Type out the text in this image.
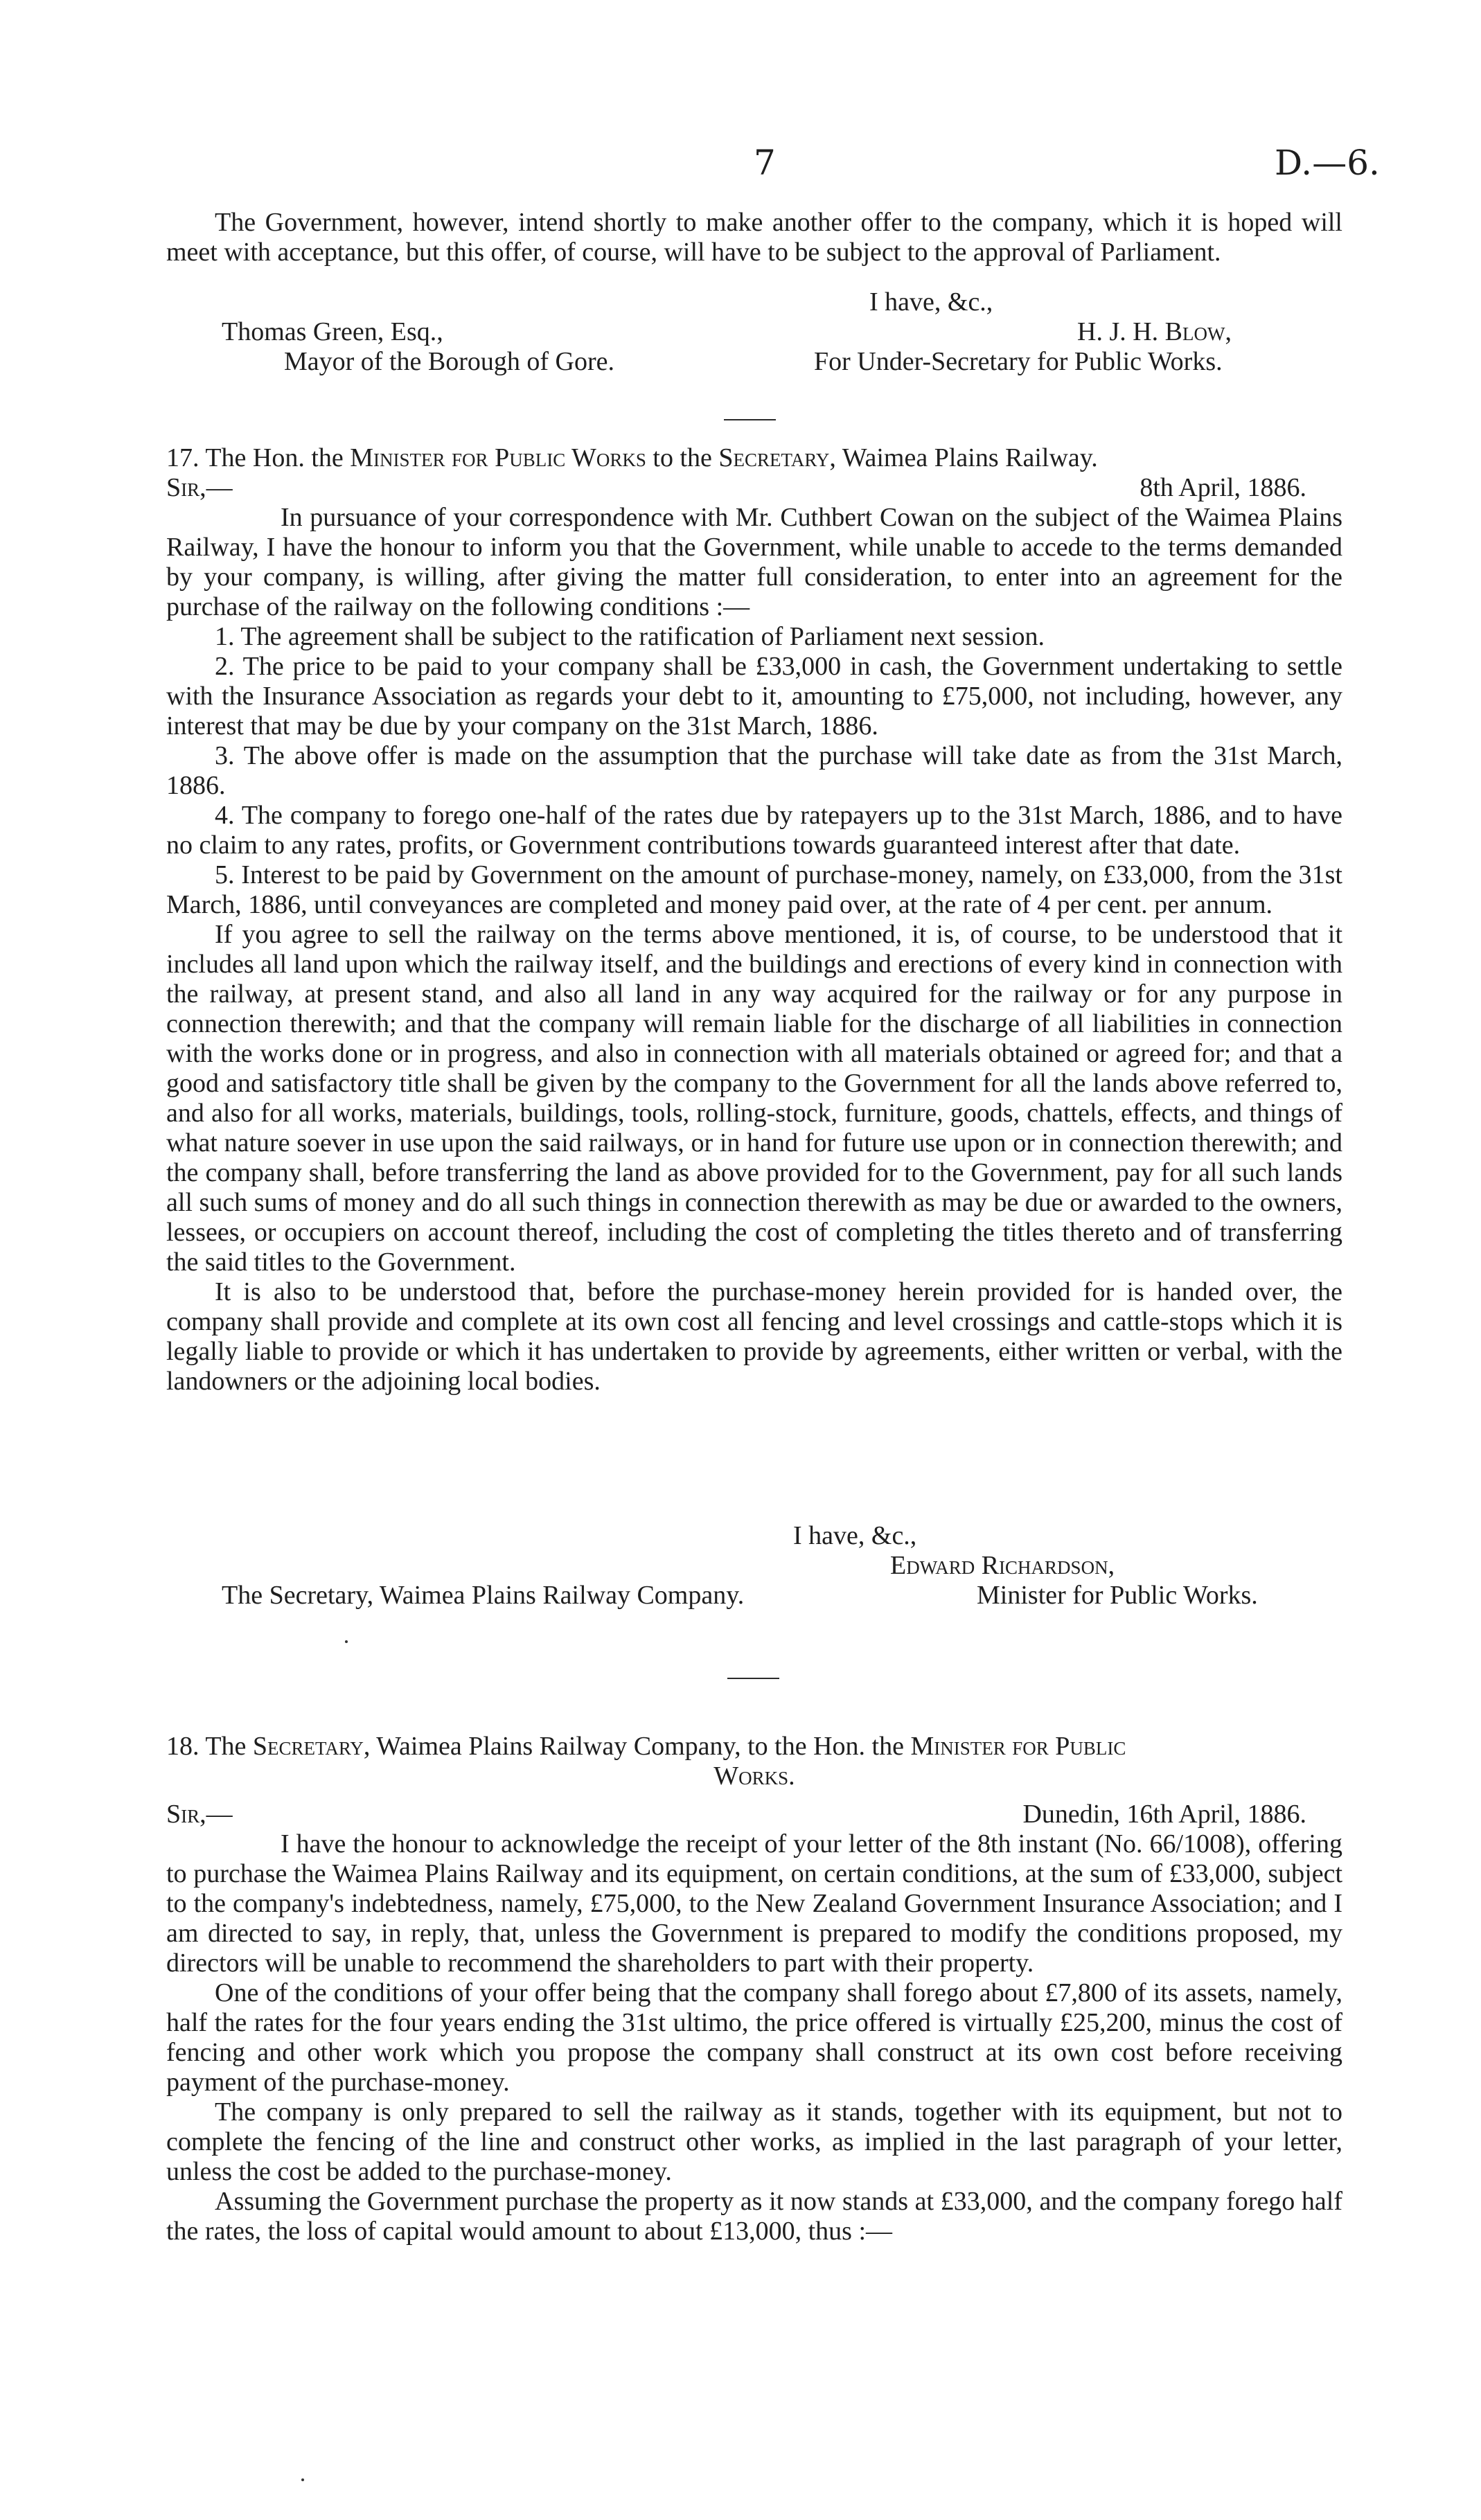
7	D.—6.

The Government, however, intend shortly to make another offer to the company, which it is hoped will meet with acceptance, but this offer, of course, will have to be subject to the approval of Parliament.

I have, &c.,
Thomas Green, Esq.,	H. J. H. Blow,
Mayor of the Borough of Gore.	For Under-Secretary for Public Works.

17. The Hon. the Minister for Public Works to the Secretary, Waimea Plains Railway.

Sir,—	8th April, 1886.

In pursuance of your correspondence with Mr. Cuthbert Cowan on the subject of the Waimea Plains Railway, I have the honour to inform you that the Government, while unable to accede to the terms demanded by your company, is willing, after giving the matter full consideration, to enter into an agreement for the purchase of the railway on the following conditions :—

1. The agreement shall be subject to the ratification of Parliament next session.

2. The price to be paid to your company shall be £33,000 in cash, the Government undertaking to settle with the Insurance Association as regards your debt to it, amounting to £75,000, not including, however, any interest that may be due by your company on the 31st March, 1886.

3. The above offer is made on the assumption that the purchase will take date as from the 31st March, 1886.

4. The company to forego one-half of the rates due by ratepayers up to the 31st March, 1886, and to have no claim to any rates, profits, or Government contributions towards guaranteed interest after that date.

5. Interest to be paid by Government on the amount of purchase-money, namely, on £33,000, from the 31st March, 1886, until conveyances are completed and money paid over, at the rate of 4 per cent. per annum.

If you agree to sell the railway on the terms above mentioned, it is, of course, to be understood that it includes all land upon which the railway itself, and the buildings and erections of every kind in connection with the railway, at present stand, and also all land in any way acquired for the railway or for any purpose in connection therewith; and that the company will remain liable for the discharge of all liabilities in connection with the works done or in progress, and also in connection with all materials obtained or agreed for; and that a good and satisfactory title shall be given by the company to the Government for all the lands above referred to, and also for all works, materials, buildings, tools, rolling-stock, furniture, goods, chattels, effects, and things of what nature soever in use upon the said railways, or in hand for future use upon or in connection therewith; and the company shall, before transferring the land as above provided for to the Government, pay for all such lands all such sums of money and do all such things in connection therewith as may be due or awarded to the owners, lessees, or occupiers on account thereof, including the cost of completing the titles thereto and of transferring the said titles to the Government.

It is also to be understood that, before the purchase-money herein provided for is handed over, the company shall provide and complete at its own cost all fencing and level crossings and cattle-stops which it is legally liable to provide or which it has undertaken to provide by agreements, either written or verbal, with the landowners or the adjoining local bodies.

I have, &c.,
Edward Richardson,
The Secretary, Waimea Plains Railway Company.	Minister for Public Works.

18. The Secretary, Waimea Plains Railway Company, to the Hon. the Minister for Public

Works.

Sir,—	Dunedin, 16th April, 1886.

I have the honour to acknowledge the receipt of your letter of the 8th instant (No. 66/1008), offering to purchase the Waimea Plains Railway and its equipment, on certain conditions, at the sum of £33,000, subject to the company's indebtedness, namely, £75,000, to the New Zealand Government Insurance Association; and I am directed to say, in reply, that, unless the Government is prepared to modify the conditions proposed, my directors will be unable to recommend the shareholders to part with their property.

One of the conditions of your offer being that the company shall forego about £7,800 of its assets, namely, half the rates for the four years ending the 31st ultimo, the price offered is virtually £25,200, minus the cost of fencing and other work which you propose the company shall construct at its own cost before receiving payment of the purchase-money.

The company is only prepared to sell the railway as it stands, together with its equipment, but not to complete the fencing of the line and construct other works, as implied in the last paragraph of your letter, unless the cost be added to the purchase-money.

Assuming the Government purchase the property as it now stands at £33,000, and the company forego half the rates, the loss of capital would amount to about £13,000, thus :—
